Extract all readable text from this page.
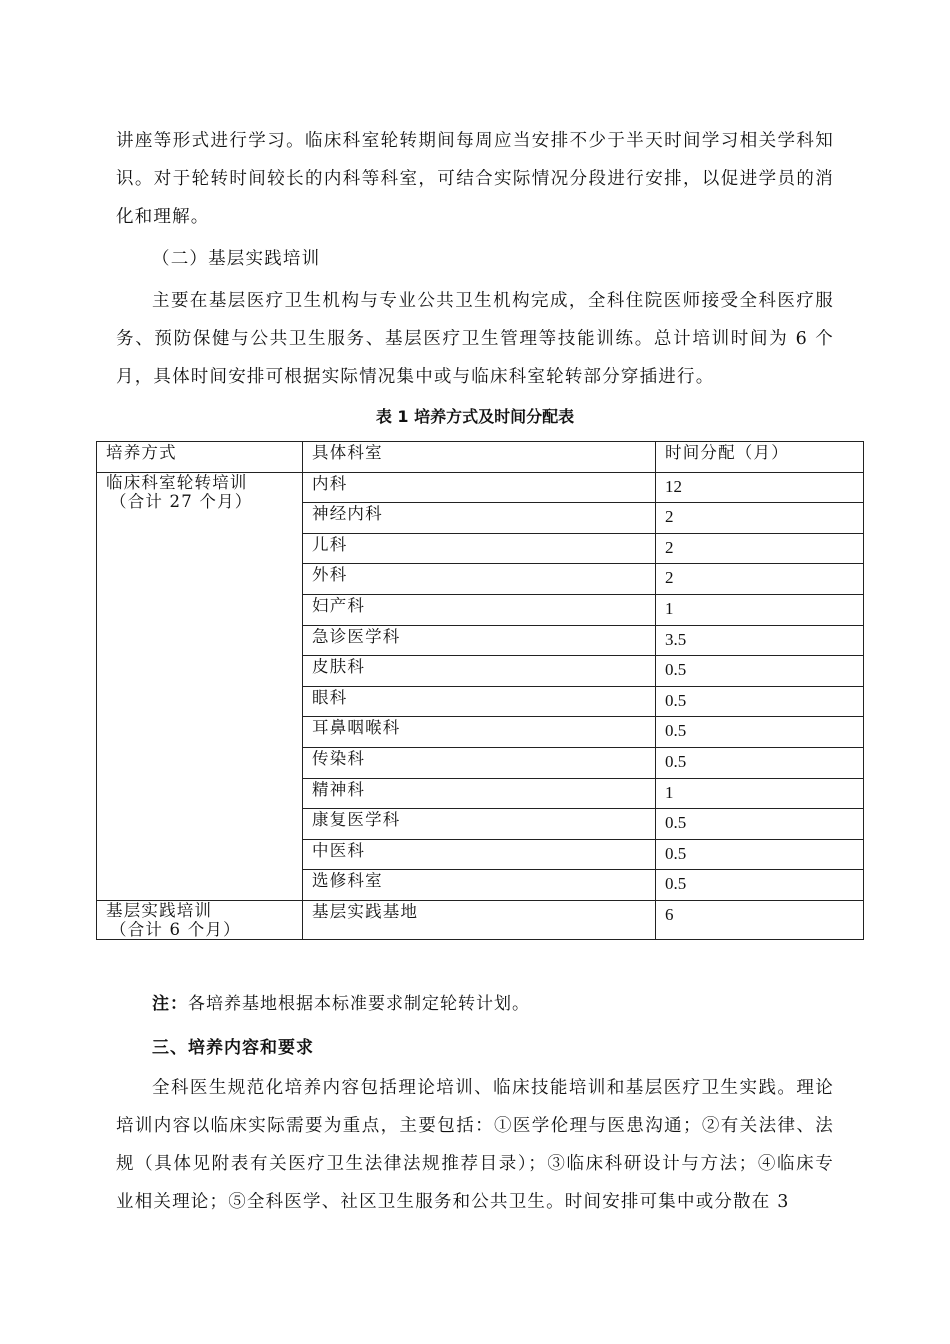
讲座等形式进行学习。临床科室轮转期间每周应当安排不少于半天时间学习相关学科知识。对于轮转时间较长的内科等科室，可结合实际情况分段进行安排，以促进学员的消化和理解。

（二）基层实践培训

主要在基层医疗卫生机构与专业公共卫生机构完成，全科住院医师接受全科医疗服务、预防保健与公共卫生服务、基层医疗卫生管理等技能训练。总计培训时间为 6 个月，具体时间安排可根据实际情况集中或与临床科室轮转部分穿插进行。

表 1 培养方式及时间分配表

培养方式	具体科室	时间分配（月）

临床科室轮转培训
（合计 27 个月）	内科	12
	神经内科	2
	儿科	2
	外科	2
	妇产科	1
	急诊医学科	3.5
	皮肤科	0.5
	眼科	0.5
	耳鼻咽喉科	0.5
	传染科	0.5
	精神科	1
	康复医学科	0.5
	中医科	0.5
	选修科室	0.5

基层实践培训
（合计 6 个月）	基层实践基地	6

注：各培养基地根据本标准要求制定轮转计划。

三、培养内容和要求

全科医生规范化培养内容包括理论培训、临床技能培训和基层医疗卫生实践。理论培训内容以临床实际需要为重点，主要包括：①医学伦理与医患沟通；②有关法律、法规（具体见附表有关医疗卫生法律法规推荐目录）；③临床科研设计与方法；④临床专业相关理论；⑤全科医学、社区卫生服务和公共卫生。时间安排可集中或分散在 3
